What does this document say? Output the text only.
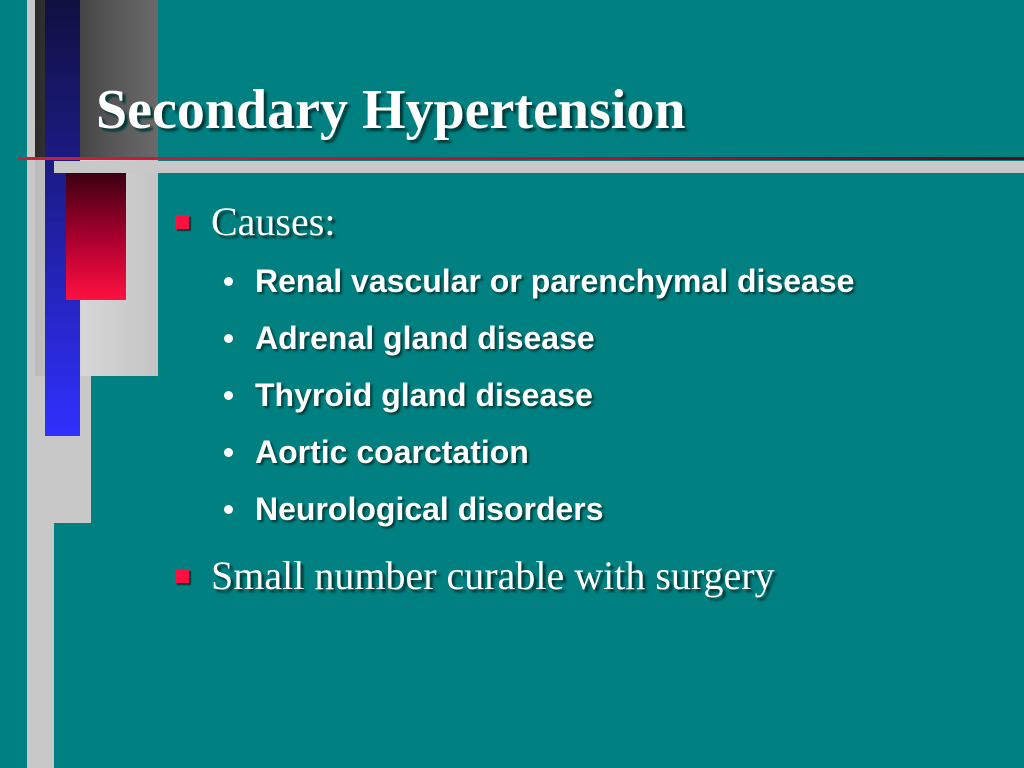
Secondary Hypertension
Causes:
Renal vascular or parenchymal disease
Adrenal gland disease
Thyroid gland disease
Aortic coarctation
Neurological disorders
Small number curable with surgery
